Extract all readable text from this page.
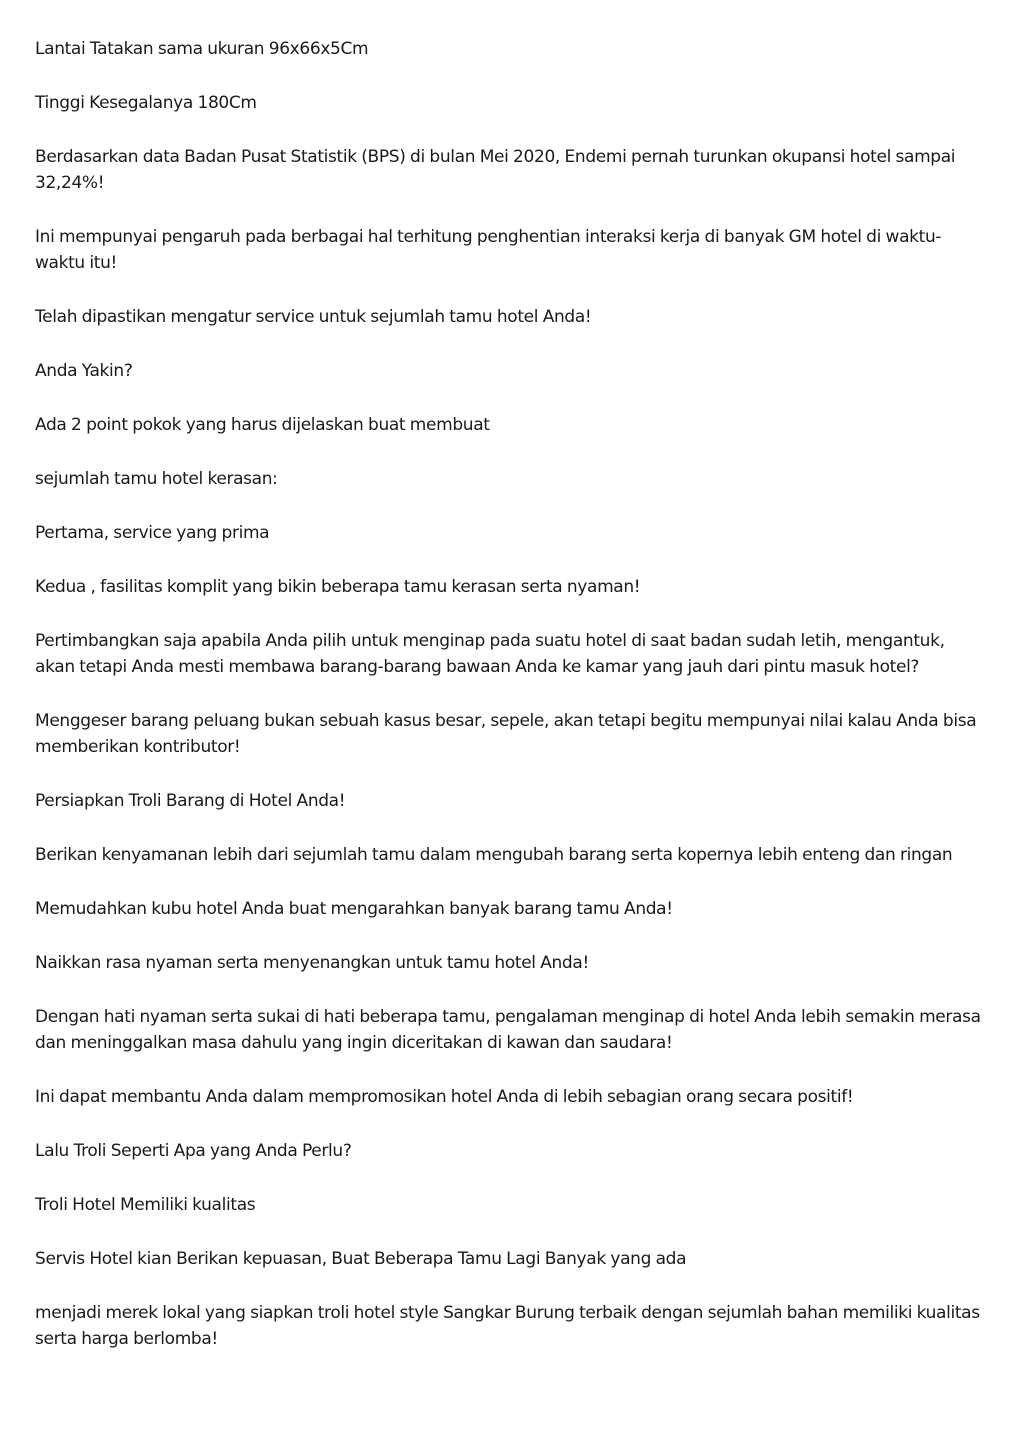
Lantai Tatakan sama ukuran 96x66x5Cm

Tinggi Kesegalanya 180Cm

Berdasarkan data Badan Pusat Statistik (BPS) di bulan Mei 2020, Endemi pernah turunkan okupansi hotel sampai 32,24%!

Ini mempunyai pengaruh pada berbagai hal terhitung penghentian interaksi kerja di banyak GM hotel di waktu-waktu itu!

Telah dipastikan mengatur service untuk sejumlah tamu hotel Anda!

Anda Yakin?

Ada 2 point pokok yang harus dijelaskan buat membuat

sejumlah tamu hotel kerasan:

Pertama, service yang prima

Kedua , fasilitas komplit yang bikin beberapa tamu kerasan serta nyaman!

Pertimbangkan saja apabila Anda pilih untuk menginap pada suatu hotel di saat badan sudah letih, mengantuk, akan tetapi Anda mesti membawa barang-barang bawaan Anda ke kamar yang jauh dari pintu masuk hotel?

Menggeser barang peluang bukan sebuah kasus besar, sepele, akan tetapi begitu mempunyai nilai kalau Anda bisa memberikan kontributor!

Persiapkan Troli Barang di Hotel Anda!

Berikan kenyamanan lebih dari sejumlah tamu dalam mengubah barang serta kopernya lebih enteng dan ringan

Memudahkan kubu hotel Anda buat mengarahkan banyak barang tamu Anda!

Naikkan rasa nyaman serta menyenangkan untuk tamu hotel Anda!

Dengan hati nyaman serta sukai di hati beberapa tamu, pengalaman menginap di hotel Anda lebih semakin merasa dan meninggalkan masa dahulu yang ingin diceritakan di kawan dan saudara!

Ini dapat membantu Anda dalam mempromosikan hotel Anda di lebih sebagian orang secara positif!

Lalu Troli Seperti Apa yang Anda Perlu?

Troli Hotel Memiliki kualitas

Servis Hotel kian Berikan kepuasan, Buat Beberapa Tamu Lagi Banyak yang ada

menjadi merek lokal yang siapkan troli hotel style Sangkar Burung terbaik dengan sejumlah bahan memiliki kualitas serta harga berlomba!
